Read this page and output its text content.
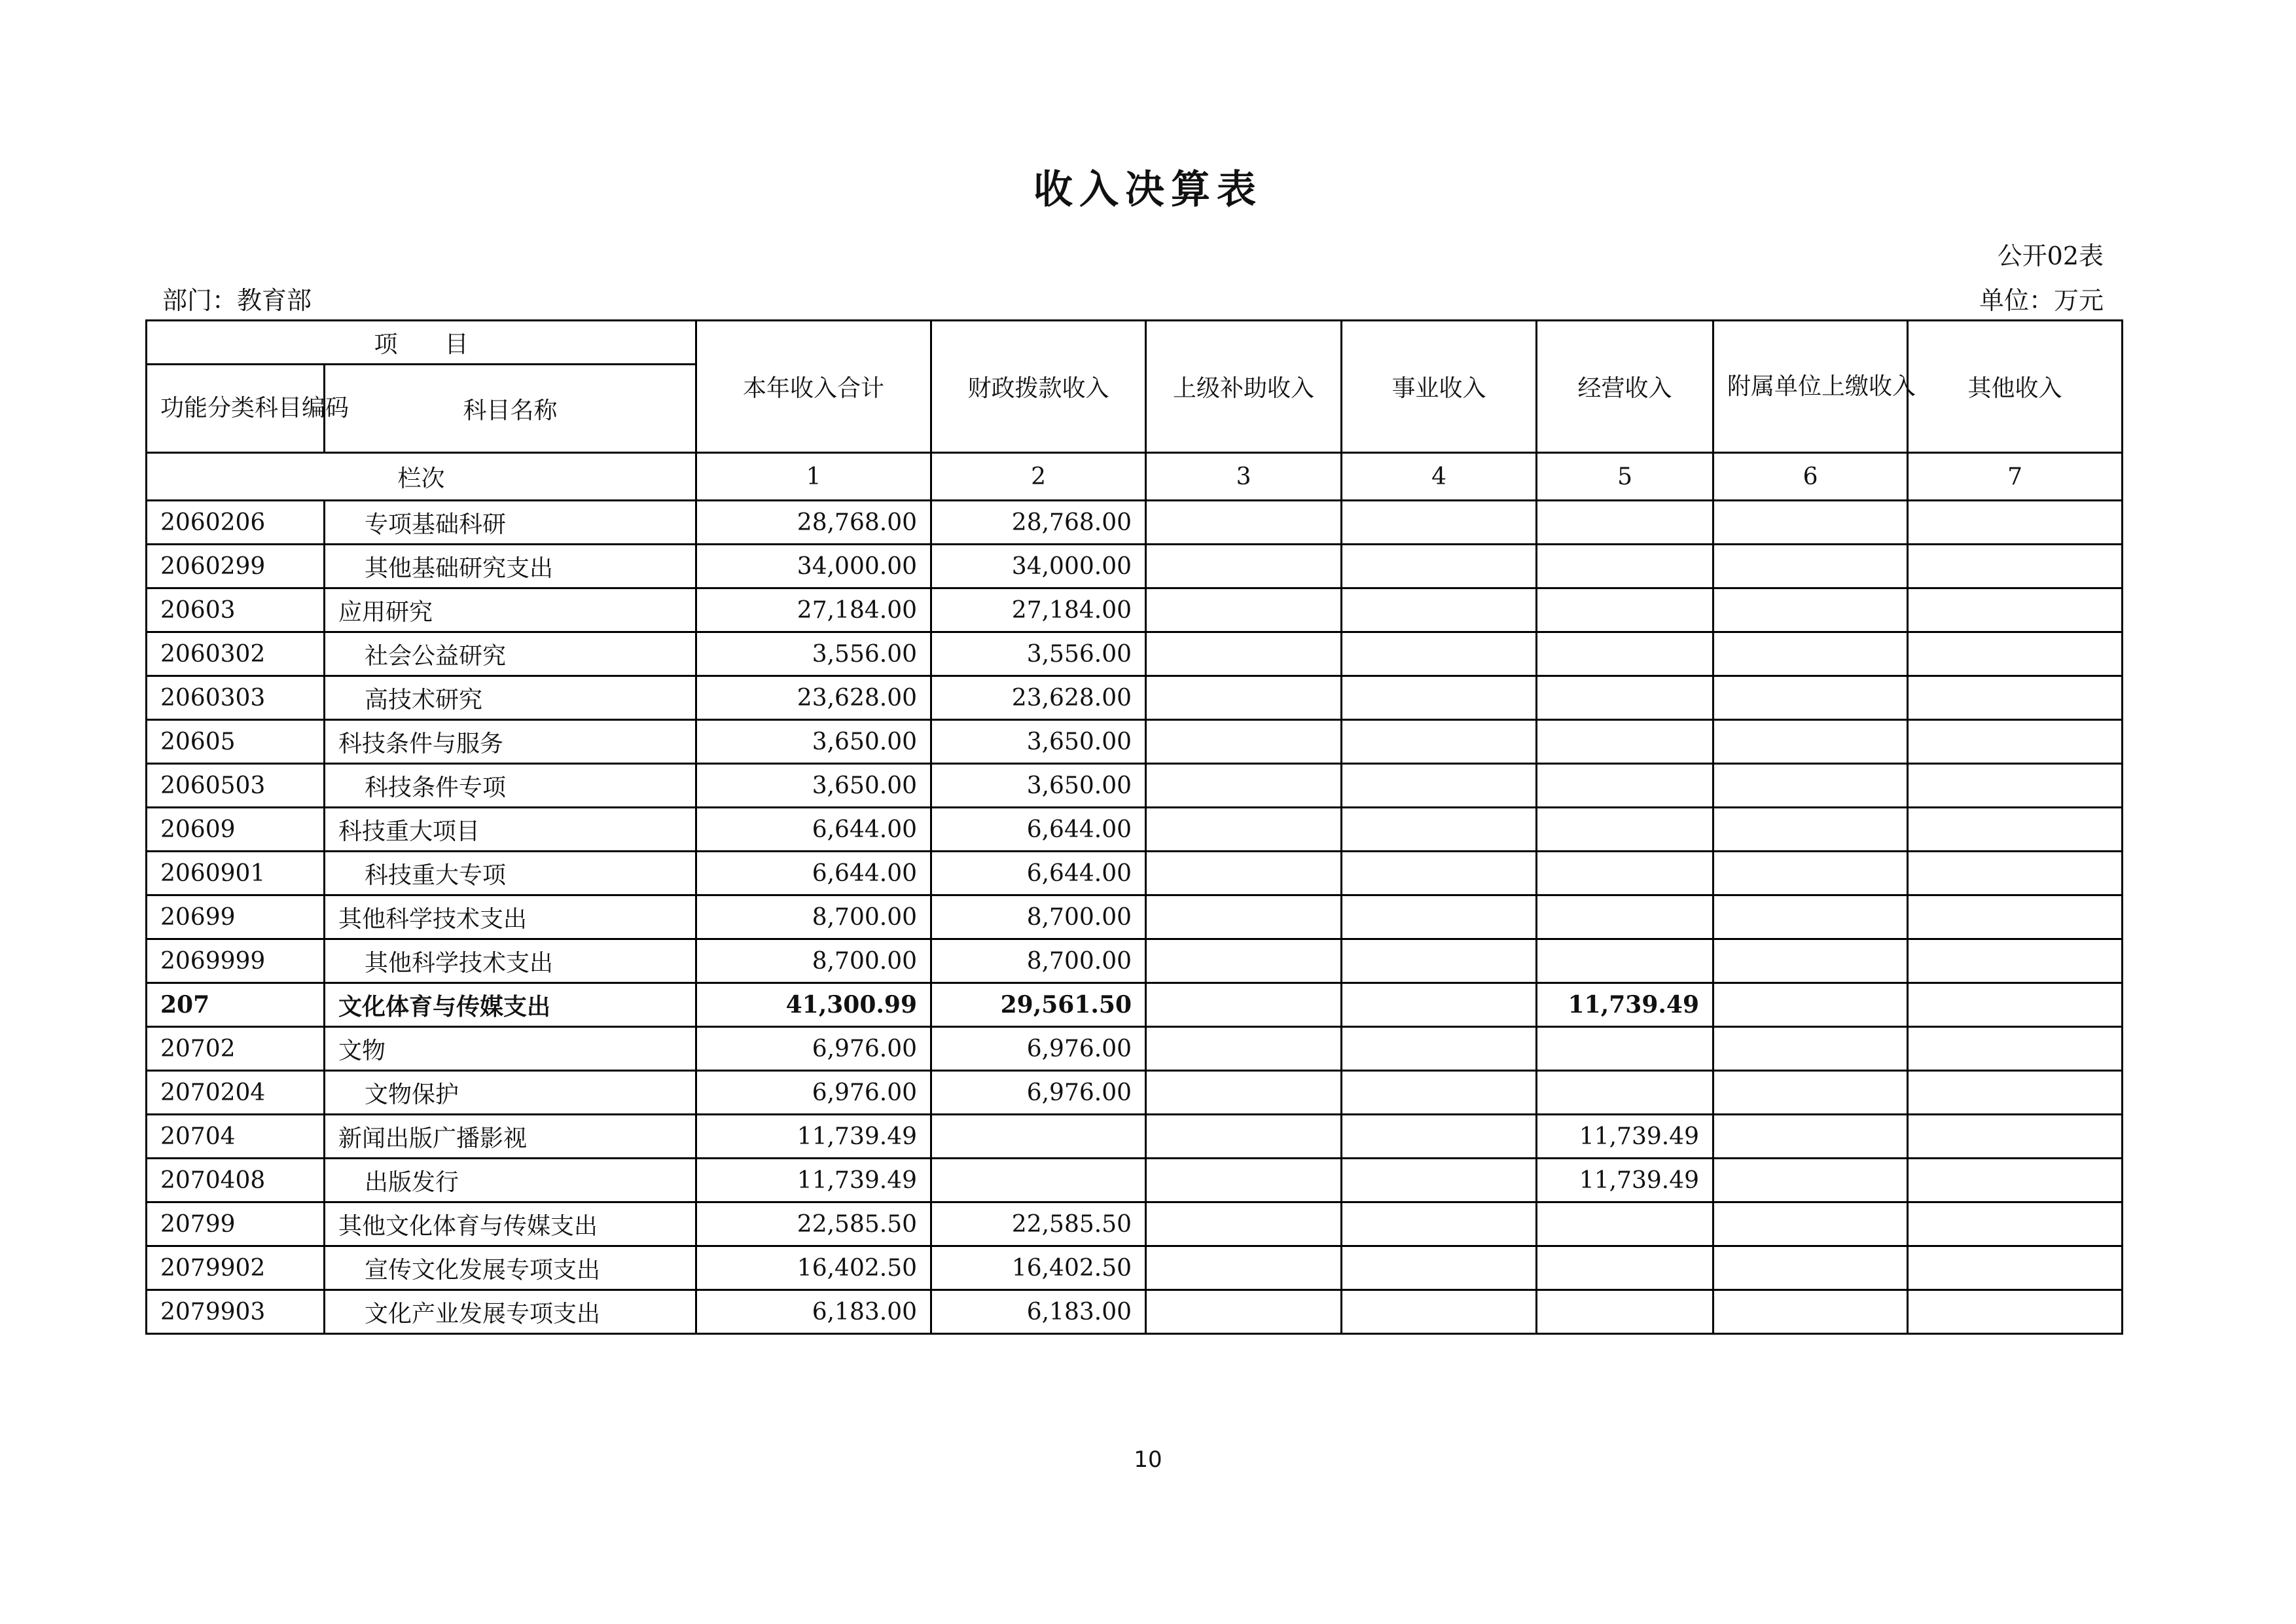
收入决算表
公开02表
部门：教育部	单位：万元
项　　目		本年收入合计	财政拨款收入	上级补助收入	事业收入	经营收入	附属单位上缴收入	其他收入
功能分类科目编码	科目名称							
栏次		1	2	3	4	5	6	7
2060206	专项基础科研	28,768.00	28,768.00					
2060299	其他基础研究支出	34,000.00	34,000.00					
20603	应用研究	27,184.00	27,184.00					
2060302	社会公益研究	3,556.00	3,556.00					
2060303	高技术研究	23,628.00	23,628.00					
20605	科技条件与服务	3,650.00	3,650.00					
2060503	科技条件专项	3,650.00	3,650.00					
20609	科技重大项目	6,644.00	6,644.00					
2060901	科技重大专项	6,644.00	6,644.00					
20699	其他科学技术支出	8,700.00	8,700.00					
2069999	其他科学技术支出	8,700.00	8,700.00					
207	文化体育与传媒支出	41,300.99	29,561.50			11,739.49		
20702	文物	6,976.00	6,976.00					
2070204	文物保护	6,976.00	6,976.00					
20704	新闻出版广播影视	11,739.49				11,739.49		
2070408	出版发行	11,739.49				11,739.49		
20799	其他文化体育与传媒支出	22,585.50	22,585.50					
2079902	宣传文化发展专项支出	16,402.50	16,402.50					
2079903	文化产业发展专项支出	6,183.00	6,183.00					
10
